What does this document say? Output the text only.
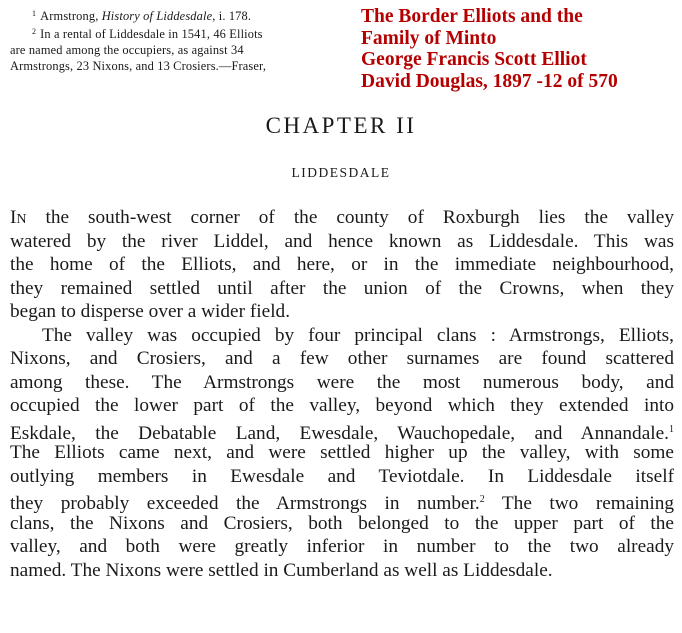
$^1$ Armstrong, History of Liddesdale, i. 178.
$^2$ In a rental of Liddesdale in 1541, 46 Elliots
are named among the occupiers, as against 34
Armstrongs, 23 Nixons, and 13 Crosiers.—Fraser,
The Border Elliots and the
Family of Minto
George Francis Scott Elliot
David Douglas, 1897 -12 of 570
CHAPTER II
LIDDESDALE
In the south-west corner of the county of Roxburgh lies the valley
watered by the river Liddel, and hence known as Liddesdale. This was
the home of the Elliots, and here, or in the immediate neighbourhood,
they remained settled until after the union of the Crowns, when they
began to disperse over a wider field.
The valley was occupied by four principal clans : Armstrongs, Elliots,
Nixons, and Crosiers, and a few other surnames are found scattered
among these. The Armstrongs were the most numerous body, and
occupied the lower part of the valley, beyond which they extended into
Eskdale, the Debatable Land, Ewesdale, Wauchopedale, and Annandale.$^1$
The Elliots came next, and were settled higher up the valley, with some
outlying members in Ewesdale and Teviotdale. In Liddesdale itself
they probably exceeded the Armstrongs in number.$^2$ The two remaining
clans, the Nixons and Crosiers, both belonged to the upper part of the
valley, and both were greatly inferior in number to the two already
named. The Nixons were settled in Cumberland as well as Liddesdale.
